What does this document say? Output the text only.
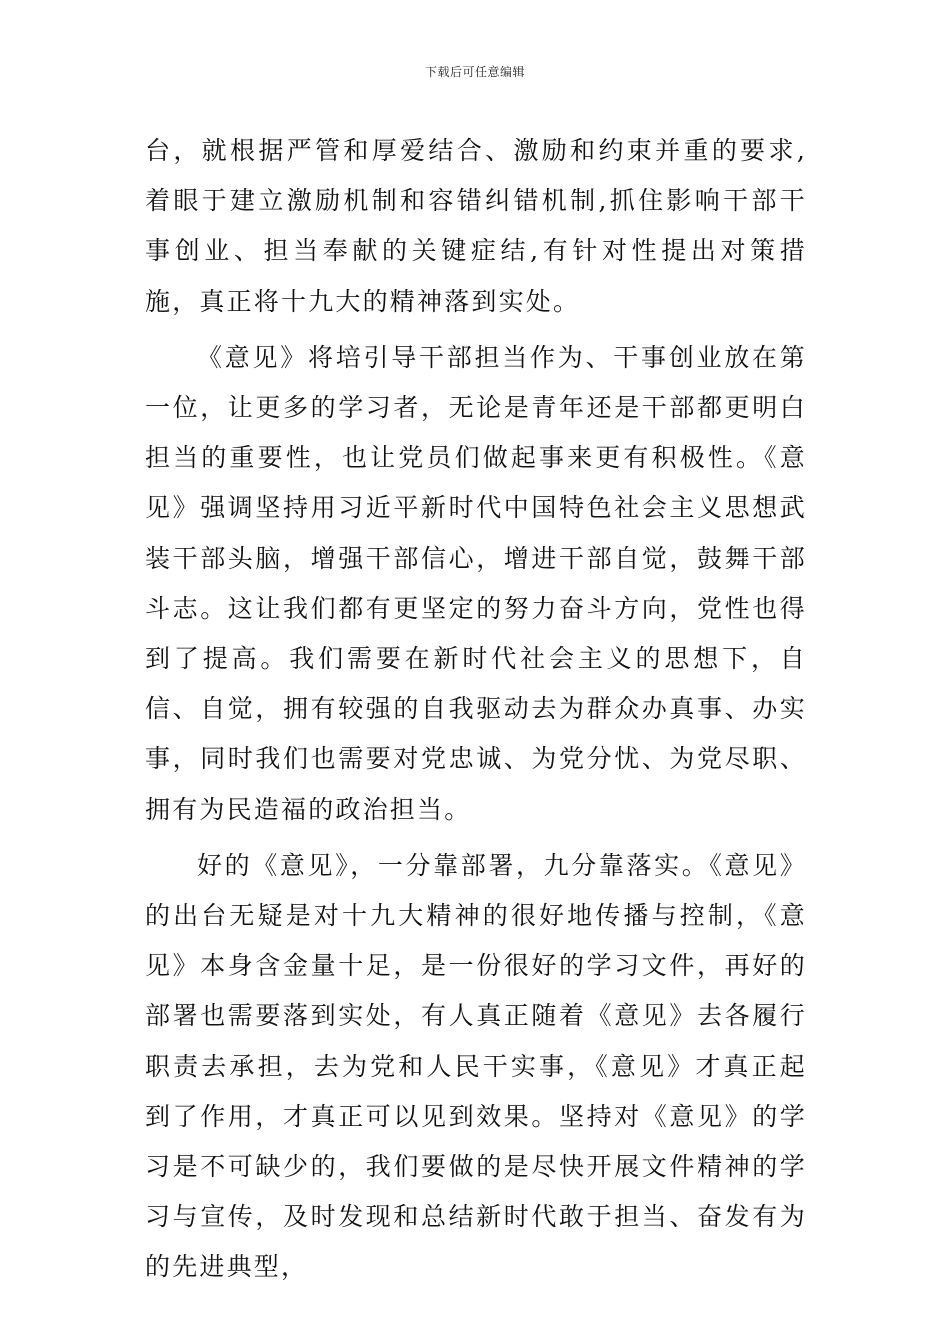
下载后可任意编辑

台，就根据严管和厚爱结合、激励和约束并重的要求,着眼于建立激励机制和容错纠错机制,抓住影响干部干事创业、担当奉献的关键症结,有针对性提出对策措施，真正将十九大的精神落到实处。

《意见》将培引导干部担当作为、干事创业放在第一位，让更多的学习者，无论是青年还是干部都更明白担当的重要性，也让党员们做起事来更有积极性。《意见》强调坚持用习近平新时代中国特色社会主义思想武装干部头脑，增强干部信心，增进干部自觉，鼓舞干部斗志。这让我们都有更坚定的努力奋斗方向，党性也得到了提高。我们需要在新时代社会主义的思想下，自信、自觉，拥有较强的自我驱动去为群众办真事、办实事，同时我们也需要对党忠诚、为党分忧、为党尽职、拥有为民造福的政治担当。

好的《意见》，一分靠部署，九分靠落实。《意见》的出台无疑是对十九大精神的很好地传播与控制，《意见》本身含金量十足，是一份很好的学习文件，再好的部署也需要落到实处，有人真正随着《意见》去各履行职责去承担，去为党和人民干实事，《意见》才真正起到了作用，才真正可以见到效果。坚持对《意见》的学习是不可缺少的，我们要做的是尽快开展文件精神的学习与宣传，及时发现和总结新时代敢于担当、奋发有为的先进典型，
